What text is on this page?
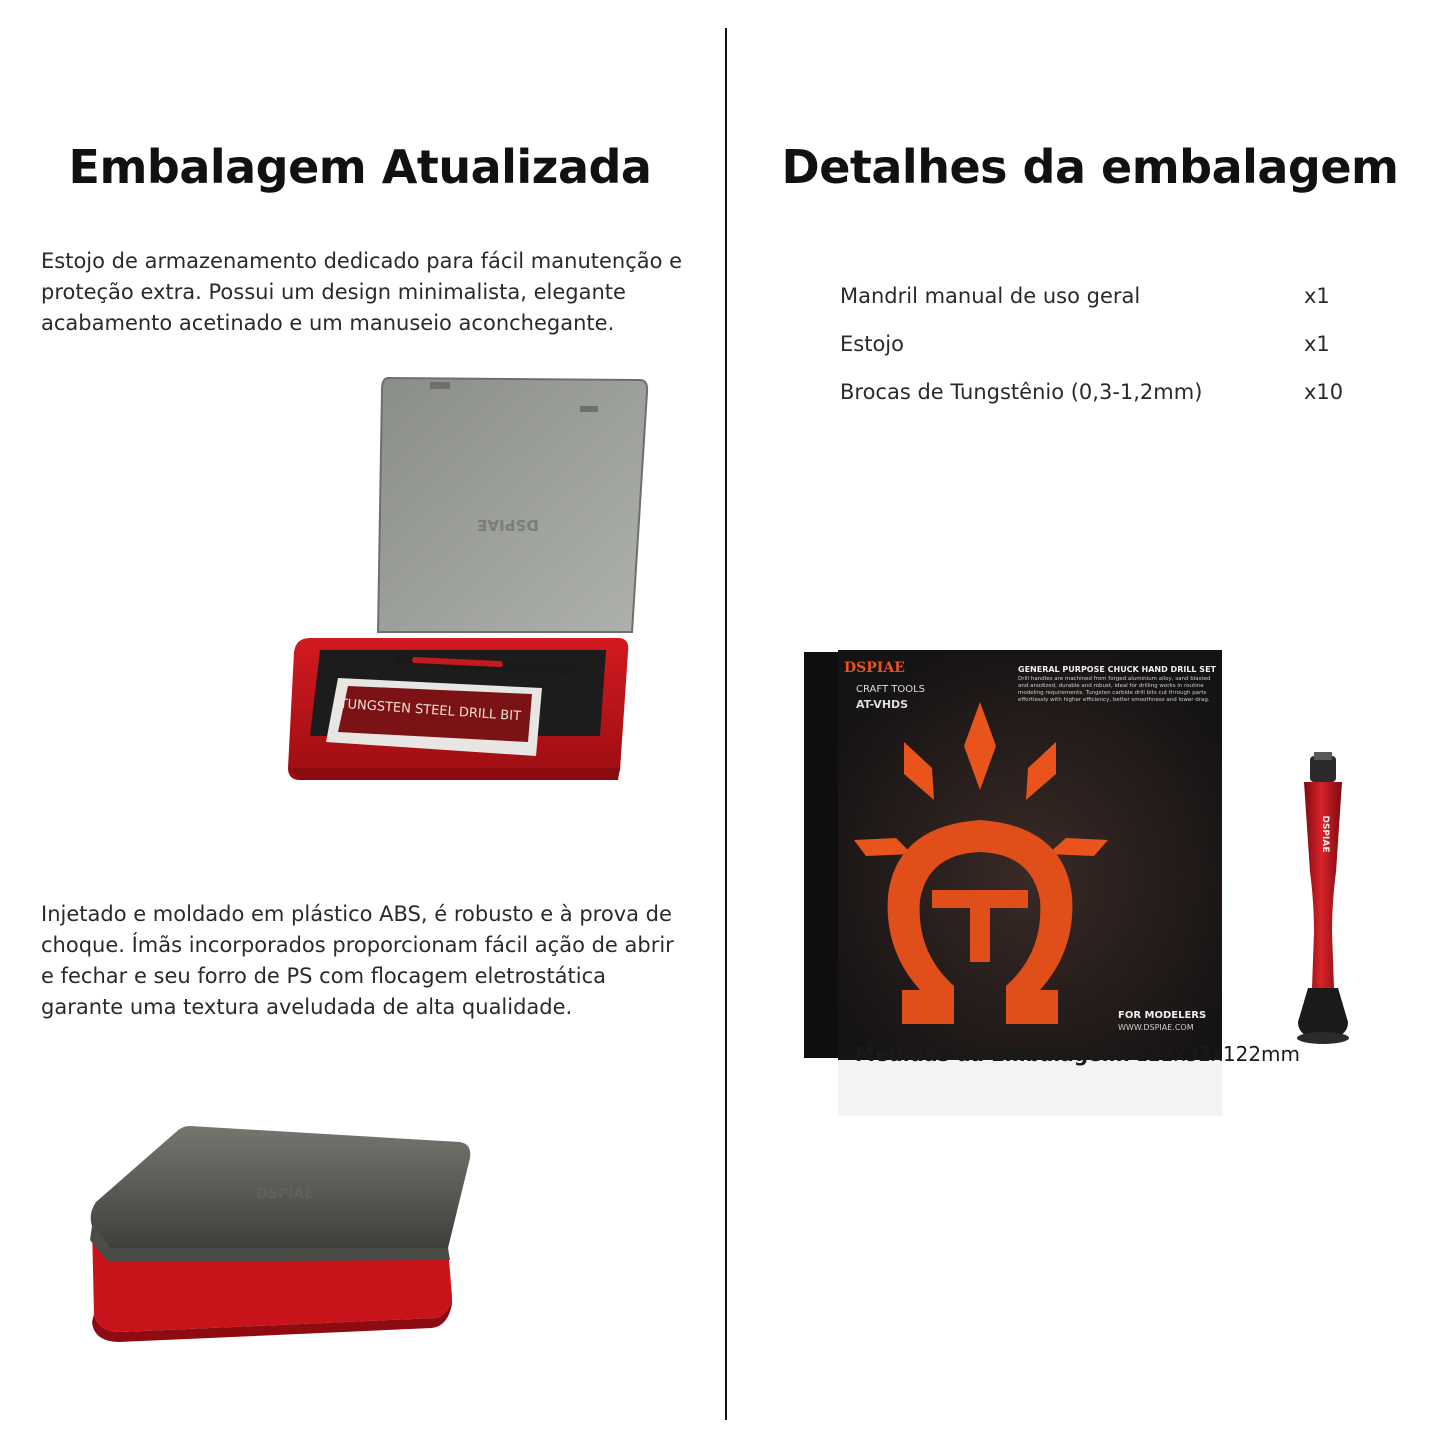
Embalagem Atualizada

Estojo de armazenamento dedicado para fácil manutenção e proteção extra. Possui um design minimalista, elegante acabamento acetinado e um manuseio aconchegante.

DSPIAE
TUNGSTEN STEEL DRILL BIT

Injetado e moldado em plástico ABS, é robusto e à prova de choque. Ímãs incorporados proporcionam fácil ação de abrir e fechar e seu forro de PS com flocagem eletrostática garante uma textura aveludada de alta qualidade.

DSPIAE
Detalhes da embalagem
Mandril manual de uso geral	x1
Estojo	x1
Brocas de Tungstênio (0,3-1,2mm)	x10
DSPIAE
CRAFT TOOLS
AT-VHDS
GENERAL PURPOSE CHUCK HAND DRILL SET
Drill handles are machined from forged aluminium alloy, sand blasted and anodized, durable and robust, ideal for drilling works in routine modeling requirements. Tungsten carbide drill bits cut through parts effortlessly with higher efficiency, better smoothness and lower drag.
FOR MODELERS
WWW.DSPIAE.COM
DSPIAE
Medidas da Embalagem: 122x32x122mm
